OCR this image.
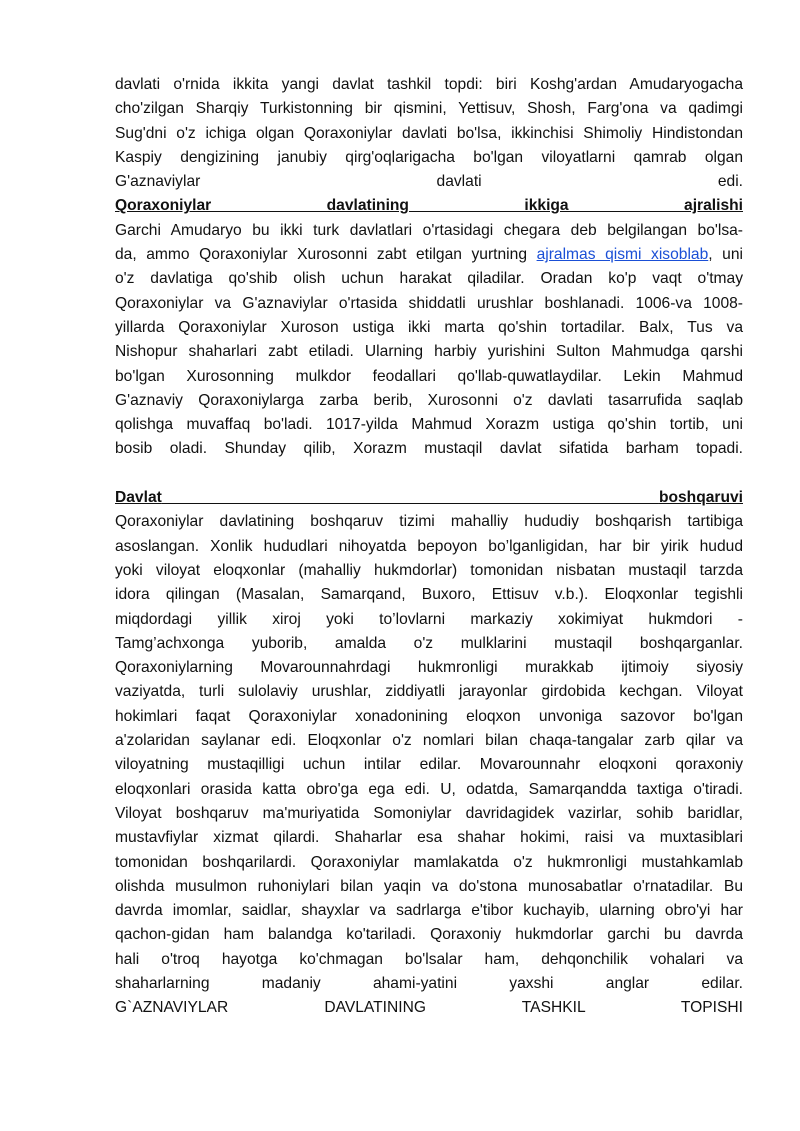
davlati o'rnida ikkita yangi davlat tashkil topdi: biri Koshg'ardan Amudaryogacha
cho'zilgan Sharqiy Turkistonning bir qismini, Yettisuv, Shosh, Farg'ona va qadimgi
Sug'dni o'z ichiga olgan Qoraxoniylar davlati bo'lsa, ikkinchisi Shimoliy Hindistondan
Kaspiy dengizining janubiy qirg'oqlarigacha bo'lgan viloyatlarni qamrab olgan
G'aznaviylar davlati edi.
Qoraxoniylar davlatining ikkiga ajralishi
Garchi Amudaryo bu ikki turk davlatlari o'rtasidagi chegara deb belgilangan bo'lsa-
da, ammo Qoraxoniylar Xurosonni zabt etilgan yurtning ajralmas qismi xisoblab, uni
o'z davlatiga qo'shib olish uchun harakat qiladilar. Oradan ko'p vaqt o'tmay
Qoraxoniylar va G'aznaviylar o'rtasida shiddatli urushlar boshlanadi. 1006-va 1008-
yillarda Qoraxoniylar Xuroson ustiga ikki marta qo'shin tortadilar. Balx, Tus va
Nishopur shaharlari zabt etiladi. Ularning harbiy yurishini Sulton Mahmudga qarshi
bo'lgan Xurosonning mulkdor feodallari qo'llab-quwatlaydilar. Lekin Mahmud
G'aznaviy Qoraxoniylarga zarba berib, Xurosonni o'z davlati tasarrufida saqlab
qolishga muvaffaq bo'ladi. 1017-yilda Mahmud Xorazm ustiga qo'shin tortib, uni
bosib oladi. Shunday qilib, Xorazm mustaqil davlat sifatida barham topadi.
Davlat	boshqaruvi
Qoraxoniylar davlatining boshqaruv tizimi mahalliy hududiy boshqarish tartibiga
asoslangan. Xonlik hududlari nihoyatda bepoyon bo’lganligidan, har bir yirik hudud
yoki viloyat eloqxonlar (mahalliy hukmdorlar) tomonidan nisbatan mustaqil tarzda
idora qilingan (Masalan, Samarqand, Buxoro, Ettisuv v.b.). Eloqxonlar tegishli
miqdordagi yillik xiroj yoki to’lovlarni markaziy xokimiyat hukmdori -
Tamg’achxonga yuborib, amalda o'z mulklarini mustaqil boshqarganlar.
Qoraxoniylarning Movarounnahrdagi hukmronligi murakkab ijtimoiy siyosiy
vaziyatda, turli sulolaviy urushlar, ziddiyatli jarayonlar girdobida kechgan. Viloyat
hokimlari faqat Qoraxoniylar xonadonining eloqxon unvoniga sazovor bo'lgan
a'zolaridan saylanar edi. Eloqxonlar o'z nomlari bilan chaqa-tangalar zarb qilar va
viloyatning mustaqilligi uchun intilar edilar. Movarounnahr eloqxoni qoraxoniy
eloqxonlari orasida katta obro'ga ega edi. U, odatda, Samarqandda taxtiga o'tiradi.
Viloyat boshqaruv ma'muriyatida Somoniylar davridagidek vazirlar, sohib baridlar,
mustavfiylar xizmat qilardi. Shaharlar esa shahar hokimi, raisi va muxtasiblari
tomonidan boshqarilardi. Qoraxoniylar mamlakatda o'z hukmronligi mustahkamlab
olishda musulmon ruhoniylari bilan yaqin va do'stona munosabatlar o'rnatadilar. Bu
davrda imomlar, saidlar, shayxlar va sadrlarga e'tibor kuchayib, ularning obro'yi har
qachon-gidan ham balandga ko'tariladi. Qoraxoniy hukmdorlar garchi bu davrda
hali o'troq hayotga ko'chmagan bo'lsalar ham, dehqonchilik vohalari va
shaharlarning madaniy ahami-yatini yaxshi anglar edilar.
G`AZNAVIYLAR DAVLATINING TASHKIL TOPISHI
